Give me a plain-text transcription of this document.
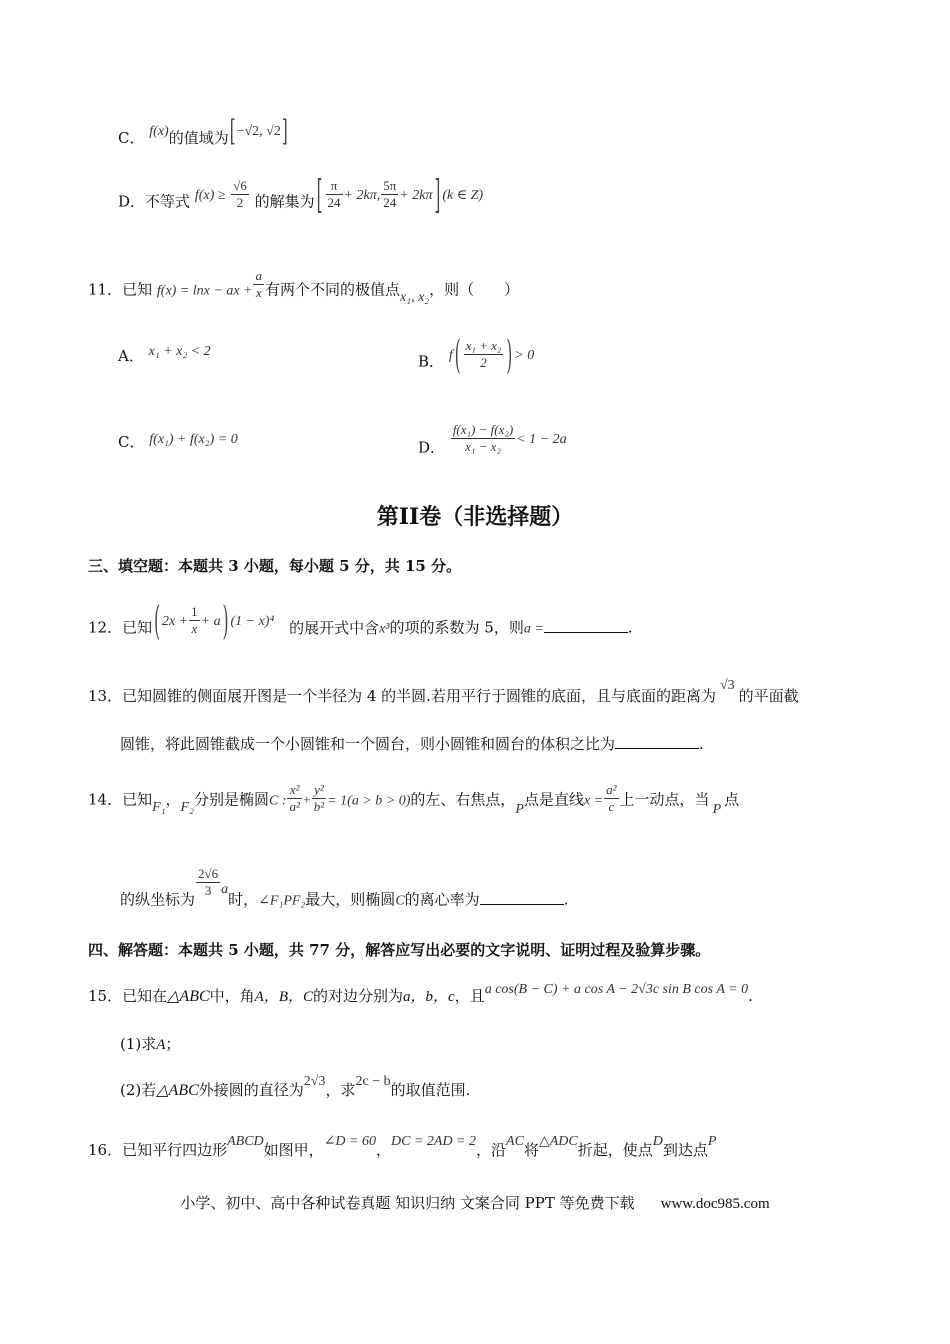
C． f(x)的值域为[−√2, √2]
D．不等式 $f(x) \ge \frac{√6}{2}$ 的解集为 [ $\frac{\pi}{24} + 2k\pi$, $\frac{5\pi}{24} + 2k\pi$ ] (k ∈ Z)
11．已知 f(x) = lnx − ax + $\frac{a}{x}$ 有两个不同的极值点x₁, x₂，则（　　）
A． x₁ + x₂ < 2
B． f ( $\frac{\text{x₁ + x₂}}{2}$ ) > 0
C． f(x₁) + f(x₂) = 0	D． $\frac{\text{f(x₁) − f(x₂)}}{\text{x₁ − x₂}} < 1 - 2a$
第II卷（非选择题）
三、填空题：本题共 3 小题，每小题 5 分，共 15 分。
12．已知 ( $2x + \frac{1}{x} + a$ ) (1 − x)⁴ 的展开式中含x³的项的系数为 5，则a =	.
13．已知圆锥的侧面展开图是一个半径为 4 的半圆.若用平行于圆锥的底面，且与底面的距离为√3的平面截
圆锥，将此圆锥截成一个小圆锥和一个圆台，则小圆锥和圆台的体积之比为	.
14．已知F₁，F₂分别是椭圆C : $\frac{\text{x²}}{\text{a²}} + \frac{\text{y²}}{\text{b²}} = 1(a > b > 0)$的左、右焦点，P点是直线$x = \frac{\text{a²}}{c}$ 上一动点，当P点
的纵坐标为
$\frac{2√6}{3}$ a时，∠F₁PF₂最大，则椭圆C的离心率为	.
四、解答题：本题共 5 小题，共 77 分，解答应写出必要的文字说明、证明过程及验算步骤。
15．已知在△ABC中，角A，B，C的对边分别为a，b，c，且a cos(B − C) + a cos A − 2√3c sin B cos A = 0.
(1)求A；
(2)若△ABC外接圆的直径为2√3，求2c − b的取值范围.
16．已知平行四边形ABCD如图甲，∠D = 60，DC = 2AD = 2，沿AC将△ADC折起，使点D到达点P
小学、初中、高中各种试卷真题 知识归纳 文案合同 PPT 等免费下载 www.doc985.com
